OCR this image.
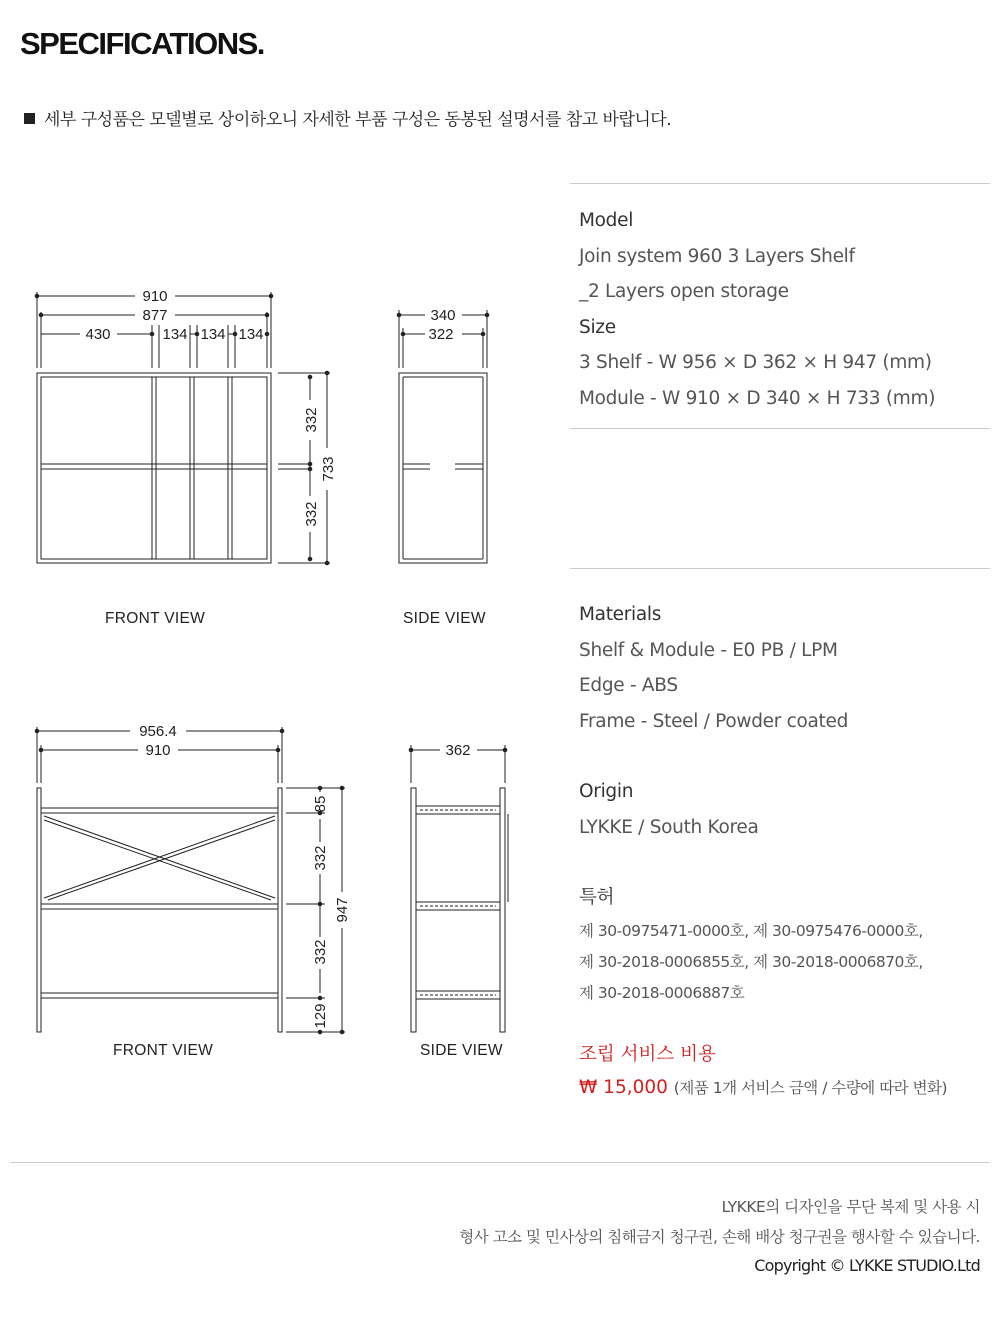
SPECIFICATIONS.
세부 구성품은 모델별로 상이하오니 자세한 부품 구성은 동봉된 설명서를 참고 바랍니다.
910
877
430	134 134 134
332
332
733
340
322
956.4
910
85
332
332
129
947
362
FRONT VIEW	SIDE VIEW
FRONT VIEW	SIDE VIEW
Model
Join system 960 3 Layers Shelf
_2 Layers open storage
Size
3 Shelf - W 956 × D 362 × H 947 (mm)
Module - W 910 × D 340 × H 733 (mm)
Materials
Shelf & Module - E0 PB / LPM
Edge - ABS
Frame - Steel / Powder coated
Origin
LYKKE / South Korea
특허
제 30-0975471-0000호, 제 30-0975476-0000호,
제 30-2018-0006855호, 제 30-2018-0006870호,
제 30-2018-0006887호
조립 서비스 비용
₩ 15,000 (제품 1개 서비스 금액 / 수량에 따라 변화)
LYKKE의 디자인을 무단 복제 및 사용 시
형사 고소 및 민사상의 침해금지 청구권, 손해 배상 청구권을 행사할 수 있습니다.
Copyright © LYKKE STUDIO.Ltd
